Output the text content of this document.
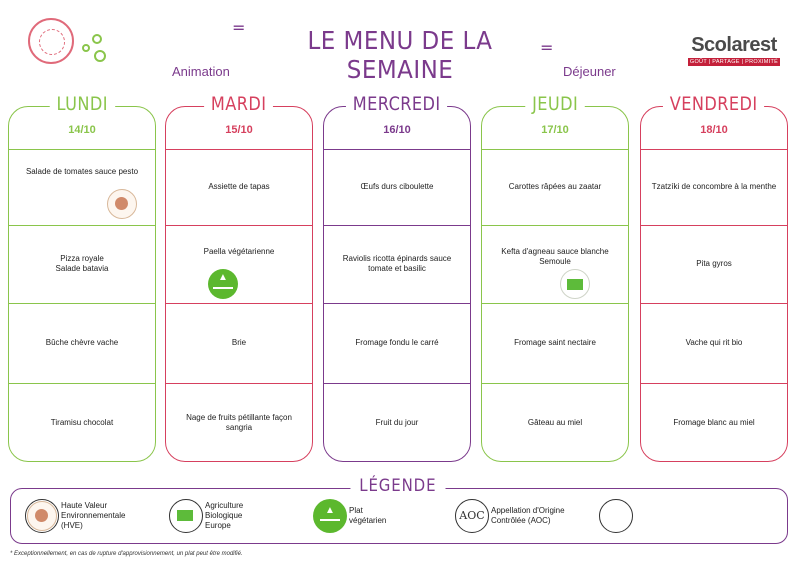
=	LE MENU DE LA SEMAINE
=
Animation	Déjeuner
Scolarest
GOÛT | PARTAGE | PROXIMITÉ
LUNDI
14/10
Salade de tomates sauce pesto
Pizza royale
Salade batavia
Bûche chèvre vache
Tiramisu chocolat
MARDI
15/10
Assiette de tapas
▲
Paella végétarienne
Brie
Nage de fruits pétillante façon sangria
MERCREDI
16/10
Œufs durs ciboulette
Raviolis ricotta épinards sauce tomate et basilic
Fromage fondu le carré
Fruit du jour
JEUDI
17/10
Carottes râpées au zaatar
Kefta d'agneau sauce blanche
Semoule
Fromage saint nectaire
Gâteau au miel
VENDREDI
18/10
Tzatzíki de concombre à la menthe
Pita gyros
Vache qui rit bio
Fromage blanc au miel
Haute Valeur Environnementale (HVE)
Agriculture Biologique Europe
▲
Plat végétarien	AOC Appellation d'Origine Contrôlée (AOC)
LÉGENDE
* Exceptionnellement, en cas de rupture d'approvisionnement, un plat peut être modifié.
